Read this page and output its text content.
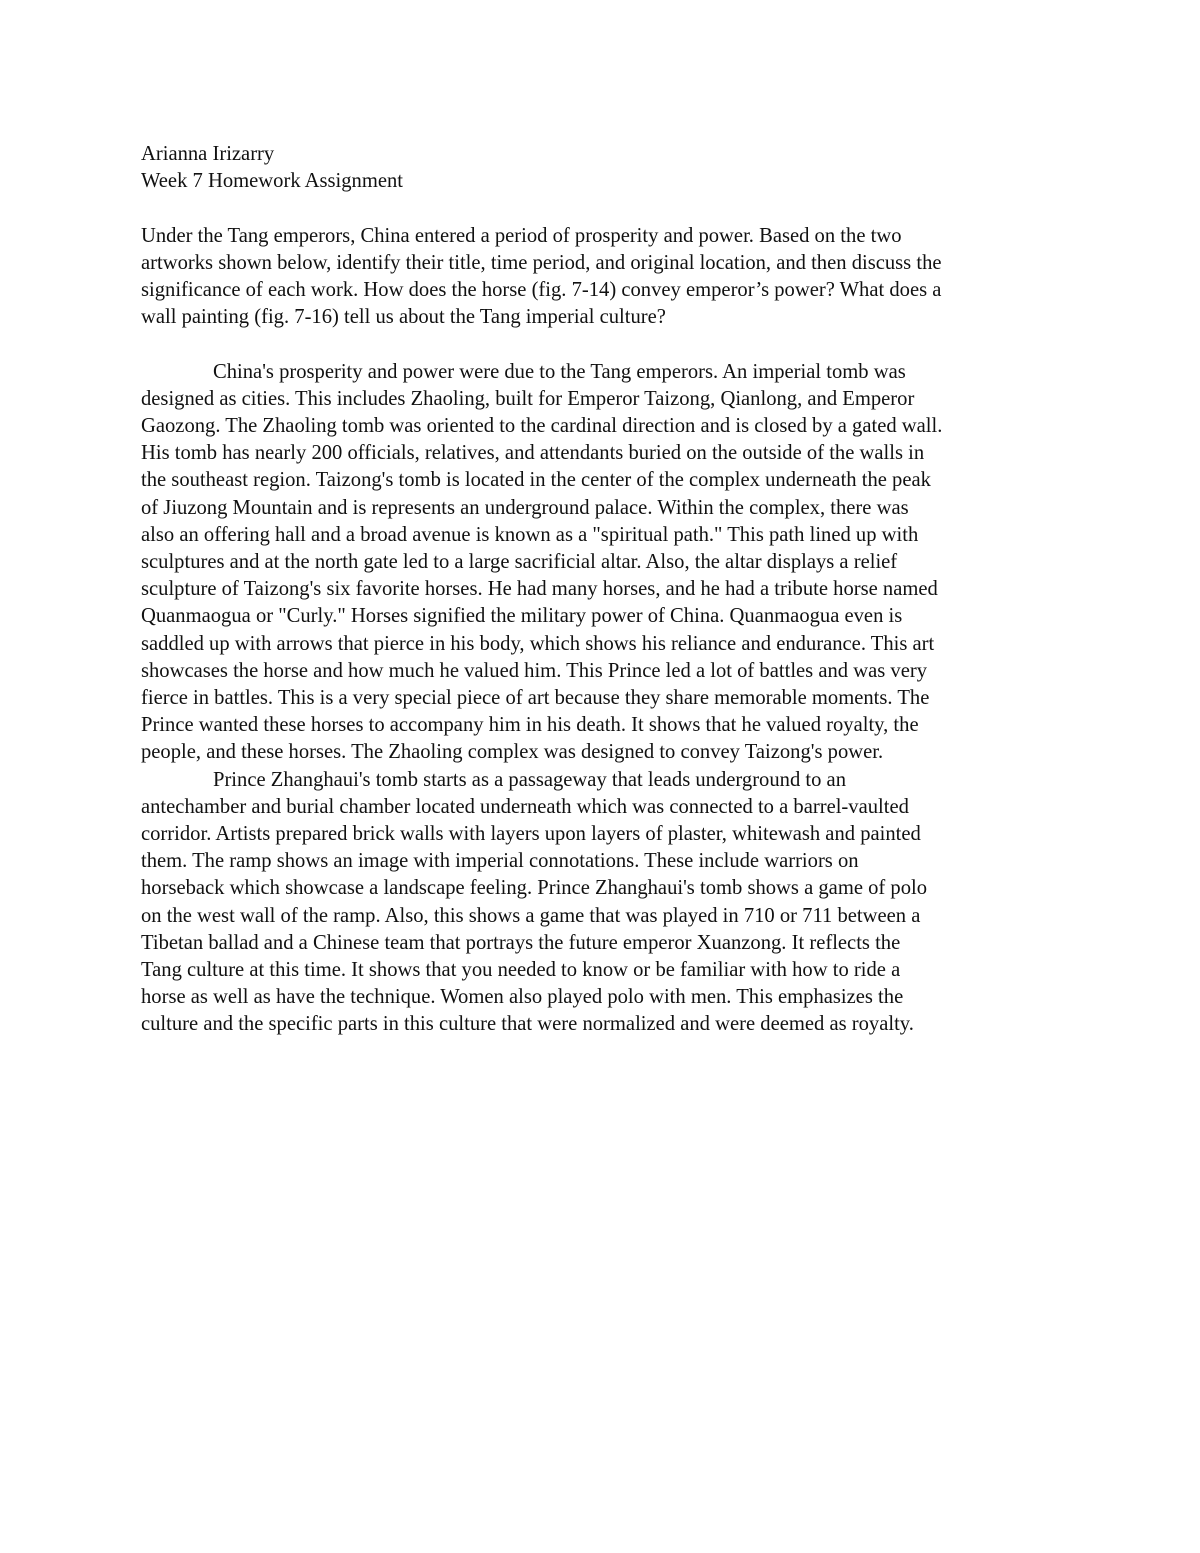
Arianna Irizarry

Week 7 Homework Assignment

Under the Tang emperors, China entered a period of prosperity and power. Based on the two

artworks shown below, identify their title, time period, and original location, and then discuss the

significance of each work. How does the horse (fig. 7-14) convey emperor’s power? What does a

wall painting (fig. 7-16) tell us about the Tang imperial culture?

China's prosperity and power were due to the Tang emperors. An imperial tomb was

designed as cities. This includes Zhaoling, built for Emperor Taizong, Qianlong, and Emperor

Gaozong. The Zhaoling tomb was oriented to the cardinal direction and is closed by a gated wall.

His tomb has nearly 200 officials, relatives, and attendants buried on the outside of the walls in

the southeast region. Taizong's tomb is located in the center of the complex underneath the peak

of Jiuzong Mountain and is represents an underground palace. Within the complex, there was

also an offering hall and a broad avenue is known as a "spiritual path." This path lined up with

sculptures and at the north gate led to a large sacrificial altar. Also, the altar displays a relief

sculpture of Taizong's six favorite horses. He had many horses, and he had a tribute horse named

Quanmaogua or "Curly." Horses signified the military power of China. Quanmaogua even is

saddled up with arrows that pierce in his body, which shows his reliance and endurance. This art

showcases the horse and how much he valued him. This Prince led a lot of battles and was very

fierce in battles. This is a very special piece of art because they share memorable moments. The

Prince wanted these horses to accompany him in his death. It shows that he valued royalty, the

people, and these horses. The Zhaoling complex was designed to convey Taizong's power.

Prince Zhanghaui's tomb starts as a passageway that leads underground to an

antechamber and burial chamber located underneath which was connected to a barrel-vaulted

corridor. Artists prepared brick walls with layers upon layers of plaster, whitewash and painted

them. The ramp shows an image with imperial connotations. These include warriors on

horseback which showcase a landscape feeling. Prince Zhanghaui's tomb shows a game of polo

on the west wall of the ramp. Also, this shows a game that was played in 710 or 711 between a

Tibetan ballad and a Chinese team that portrays the future emperor Xuanzong. It reflects the

Tang culture at this time. It shows that you needed to know or be familiar with how to ride a

horse as well as have the technique. Women also played polo with men. This emphasizes the

culture and the specific parts in this culture that were normalized and were deemed as royalty.
